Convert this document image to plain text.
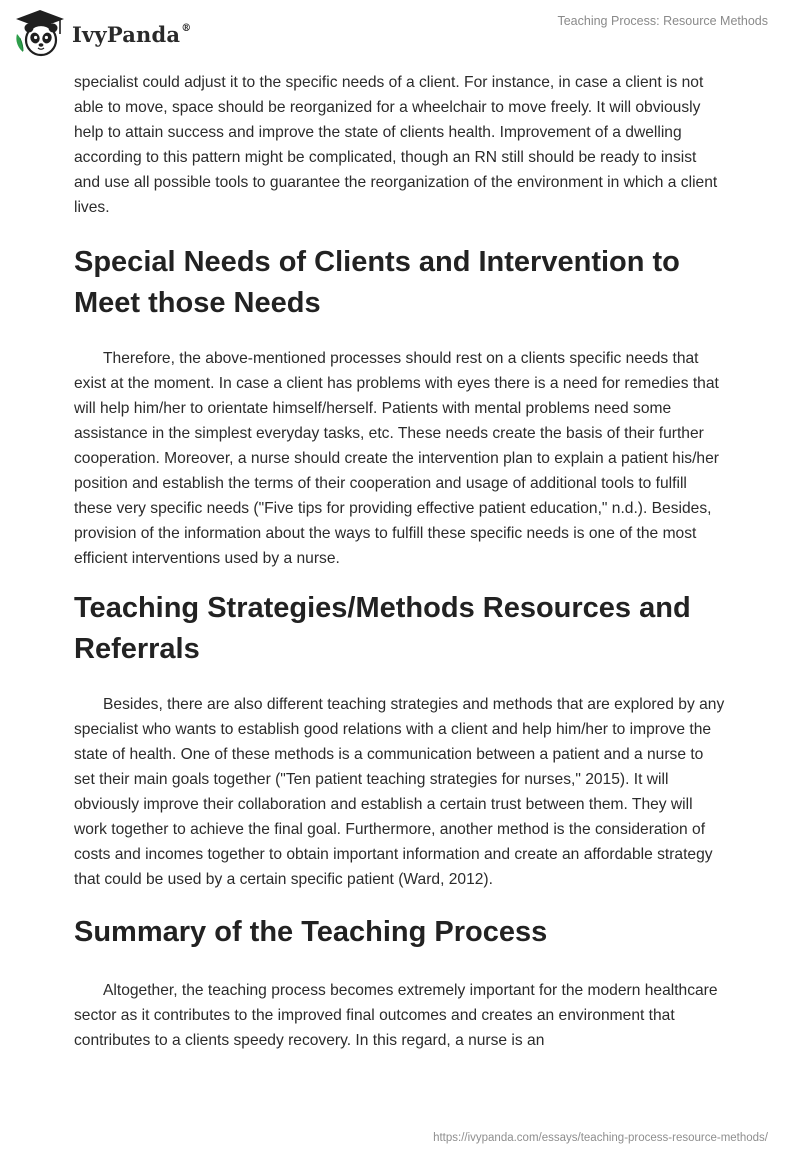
IvyPanda®	Teaching Process: Resource Methods

specialist could adjust it to the specific needs of a client. For instance, in case a client is not able to move, space should be reorganized for a wheelchair to move freely. It will obviously help to attain success and improve the state of clients health. Improvement of a dwelling according to this pattern might be complicated, though an RN still should be ready to insist and use all possible tools to guarantee the reorganization of the environment in which a client lives.

Special Needs of Clients and Intervention to Meet those Needs

Therefore, the above-mentioned processes should rest on a clients specific needs that exist at the moment. In case a client has problems with eyes there is a need for remedies that will help him/her to orientate himself/herself. Patients with mental problems need some assistance in the simplest everyday tasks, etc. These needs create the basis of their further cooperation. Moreover, a nurse should create the intervention plan to explain a patient his/her position and establish the terms of their cooperation and usage of additional tools to fulfill these very specific needs ("Five tips for providing effective patient education," n.d.). Besides, provision of the information about the ways to fulfill these specific needs is one of the most efficient interventions used by a nurse.

Teaching Strategies/Methods Resources and Referrals

Besides, there are also different teaching strategies and methods that are explored by any specialist who wants to establish good relations with a client and help him/her to improve the state of health. One of these methods is a communication between a patient and a nurse to set their main goals together ("Ten patient teaching strategies for nurses," 2015). It will obviously improve their collaboration and establish a certain trust between them. They will work together to achieve the final goal. Furthermore, another method is the consideration of costs and incomes together to obtain important information and create an affordable strategy that could be used by a certain specific patient (Ward, 2012).

Summary of the Teaching Process

Altogether, the teaching process becomes extremely important for the modern healthcare sector as it contributes to the improved final outcomes and creates an environment that contributes to a clients speedy recovery. In this regard, a nurse is an

https://ivypanda.com/essays/teaching-process-resource-methods/
